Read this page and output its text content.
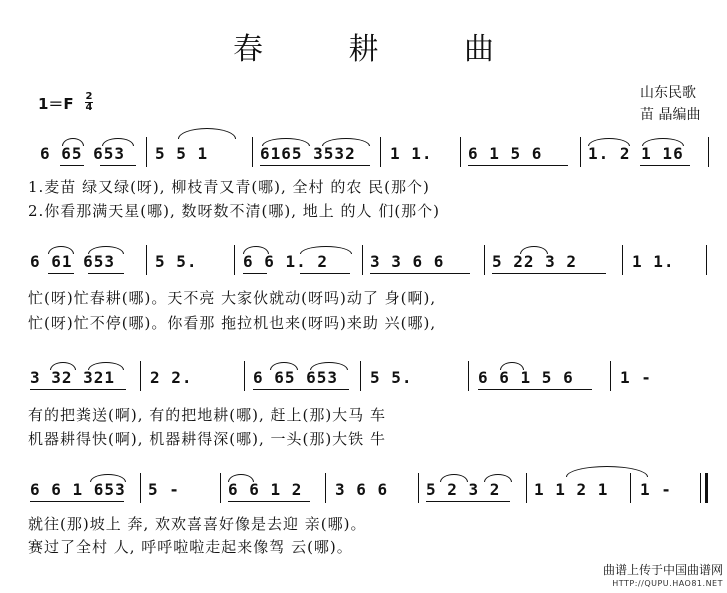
春 耕 曲
山东民歌
苗 晶编曲
1＝F 2
4
6 65 653 5 5 1	6165 3532 1 1. 6 1 5 6	1. 2 1 16
1.麦苗 绿又绿(呀), 柳枝青又青(哪), 全村 的农 民(那个)
2.你看那满天星(哪), 数呀数不清(哪), 地上 的人 们(那个)
6 61 653 5 5.	6 6 1. 2	3 3 6 6	5 22 3 2	1 1.
忙(呀)忙春耕(哪)。天不亮 大家伙就动(呀吗)动了 身(啊),
忙(呀)忙不停(哪)。你看那 拖拉机也来(呀吗)来助 兴(哪),
3 32 321 2 2.	6 65 653 5 5.	6 6 1 5 6	1 -
有的把粪送(啊), 有的把地耕(哪), 赶上(那)大马 车
机器耕得快(啊), 机器耕得深(哪), 一头(那)大铁 牛
6 6 1 653 5 -	6 6 1 2 3 6 6 5 2 3 2 1 1 2 1 1 -
就往(那)坡上 奔, 欢欢喜喜好像是去迎 亲(哪)。
赛过了全村 人, 呼呼啦啦走起来像驾 云(哪)。
曲谱上传于中国曲谱网
HTTP://QUPU.HAO81.NET
